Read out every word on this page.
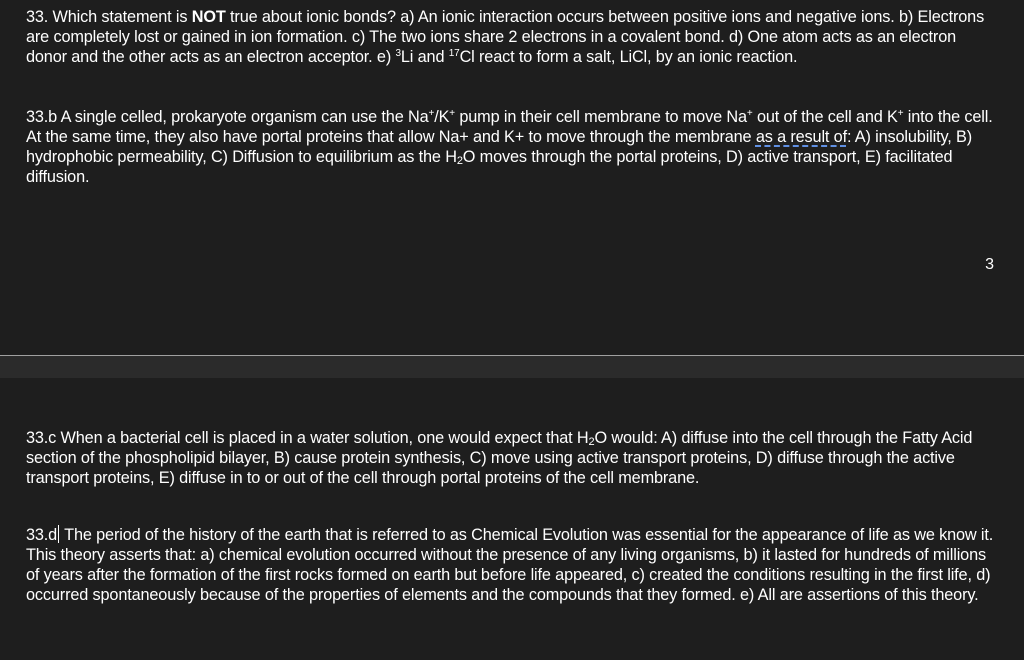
33. Which statement is NOT true about ionic bonds? a) An ionic interaction occurs between positive ions and negative ions. b) Electrons are completely lost or gained in ion formation. c) The two ions share 2 electrons in a covalent bond. d) One atom acts as an electron donor and the other acts as an electron acceptor. e) $^3$Li and $^{17}$Cl react to form a salt, LiCl, by an ionic reaction.

33.b A single celled, prokaryote organism can use the Na+/K+ pump in their cell membrane to move Na+ out of the cell and K+ into the cell. At the same time, they also have portal proteins that allow Na+ and K+ to move through the membrane as a result of: A) insolubility, B) hydrophobic permeability, C) Diffusion to equilibrium as the $H_2O$ moves through the portal proteins, D) active transport, E) facilitated diffusion.

3

33.c When a bacterial cell is placed in a water solution, one would expect that $H_2O$ would: A) diffuse into the cell through the Fatty Acid section of the phospholipid bilayer, B) cause protein synthesis, C) move using active transport proteins, D) diffuse through the active transport proteins, E) diffuse in to or out of the cell through portal proteins of the cell membrane.

33.d The period of the history of the earth that is referred to as Chemical Evolution was essential for the appearance of life as we know it. This theory asserts that: a) chemical evolution occurred without the presence of any living organisms, b) it lasted for hundreds of millions of years after the formation of the first rocks formed on earth but before life appeared, c) created the conditions resulting in the first life, d) occurred spontaneously because of the properties of elements and the compounds that they formed. e) All are assertions of this theory.
